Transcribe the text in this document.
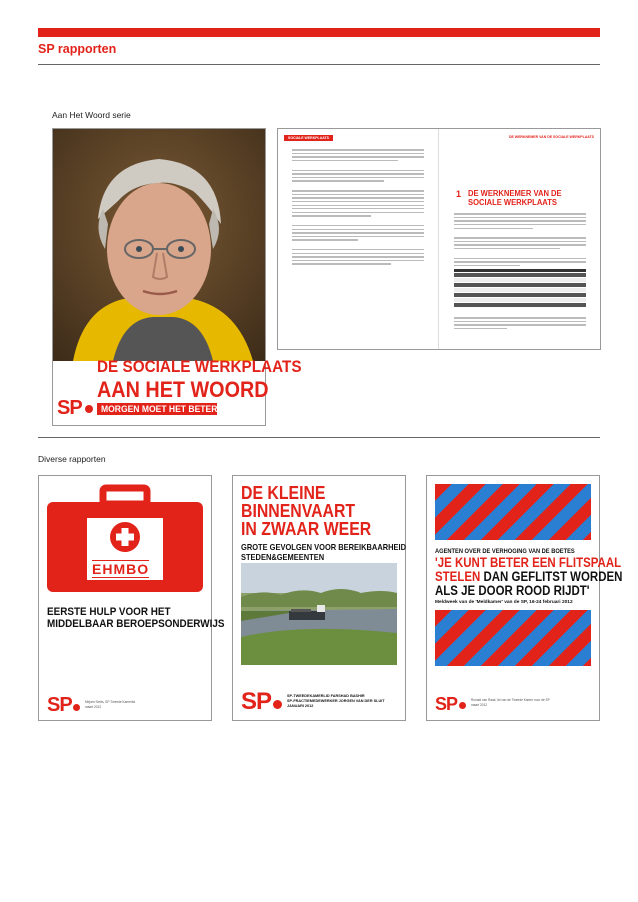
SP rapporten
Aan Het Woord serie
DE SOCIALE WERKPLAATS
AAN HET WOORD
SP MORGEN MOET HET BETER
SOCIALE WERKPLAATS	DE WERKNEMER VAN DE SOCIALE WERKPLAATS
1 DE WERKNEMER VAN DE
SOCIALE WERKPLAATS
Diverse rapporten
EHMBO
EERSTE HULP VOOR HET
MIDDELBAAR BEROEPSONDERWIJS
SP	Mirjam Smits, SP-Tweede Kamerlid
maart 2012
DE KLEINE
BINNENVAART
IN ZWAAR WEER
GROTE GEVOLGEN VOOR BEREIKBAARHEID
STEDEN&GEMEENTEN
SP	SP-TWEEDEKAMERLID FARSHAD BASHIR
SP-FRACTIEMEDEWERKER JORGEN VAN DER SLUIT
JANUARI 2012
AGENTEN OVER DE VERHOGING VAN DE BOETES
'JE KUNT BETER EEN FLITSPAAL
STELEN DAN GEFLITST WORDEN
ALS JE DOOR ROOD RIJDT'
Meldweek van de 'Meldkamer' van de SP, 16-24 februari 2012
SP	Ronald van Raak, lid van de Tweede Kamer voor de SP
maart 2012
